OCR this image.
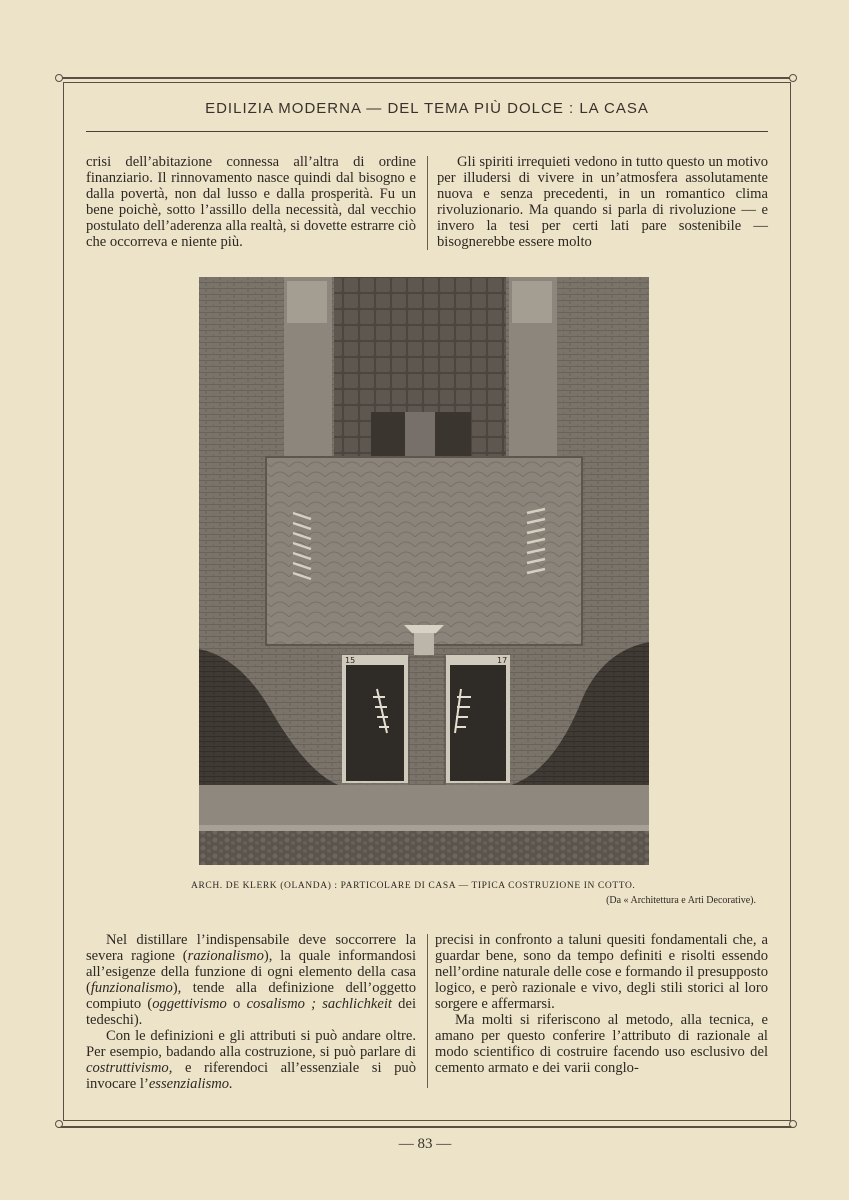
EDILIZIA MODERNA — DEL TEMA PIÙ DOLCE : LA CASA

crisi dell’abitazione connessa all’altra di ordine finanziario. Il rinnovamento nasce quindi dal bisogno e dalla povertà, non dal lusso e dalla prosperità. Fu un bene poichè, sotto l’assillo della necessità, dal vecchio postulato dell’aderenza alla realtà, si dovette estrarre ciò che occorreva e niente più.

Gli spiriti irrequieti vedono in tutto questo un motivo per illudersi di vivere in un’atmosfera assolutamente nuova e senza precedenti, in un romantico clima rivoluzionario. Ma quando si parla di rivoluzione — e invero la tesi per certi lati pare sostenibile — bisognerebbe essere molto

15	17
ARCH. DE KLERK (OLANDA) : PARTICOLARE DI CASA — TIPICA COSTRUZIONE IN COTTO.
(Da « Architettura e Arti Decorative).

Nel distillare l’indispensabile deve soccorrere la severa ragione (razionalismo), la quale informandosi all’esigenze della funzione di ogni elemento della casa (funzionalismo), tende alla definizione dell’oggetto compiuto (oggettivismo o cosalismo ; sachlichkeit dei tedeschi).

Con le definizioni e gli attributi si può andare oltre. Per esempio, badando alla costruzione, si può parlare di costruttivismo, e riferendoci all’essenziale si può invocare l’essenzialismo.

precisi in confronto a taluni quesiti fondamentali che, a guardar bene, sono da tempo definiti e risolti essendo nell’ordine naturale delle cose e formando il presupposto logico, e però razionale e vivo, degli stili storici al loro sorgere e affermarsi.

Ma molti si riferiscono al metodo, alla tecnica, e amano per questo conferire l’attributo di razionale al modo scientifico di costruire facendo uso esclusivo del cemento armato e dei varii conglo-

— 83 —
